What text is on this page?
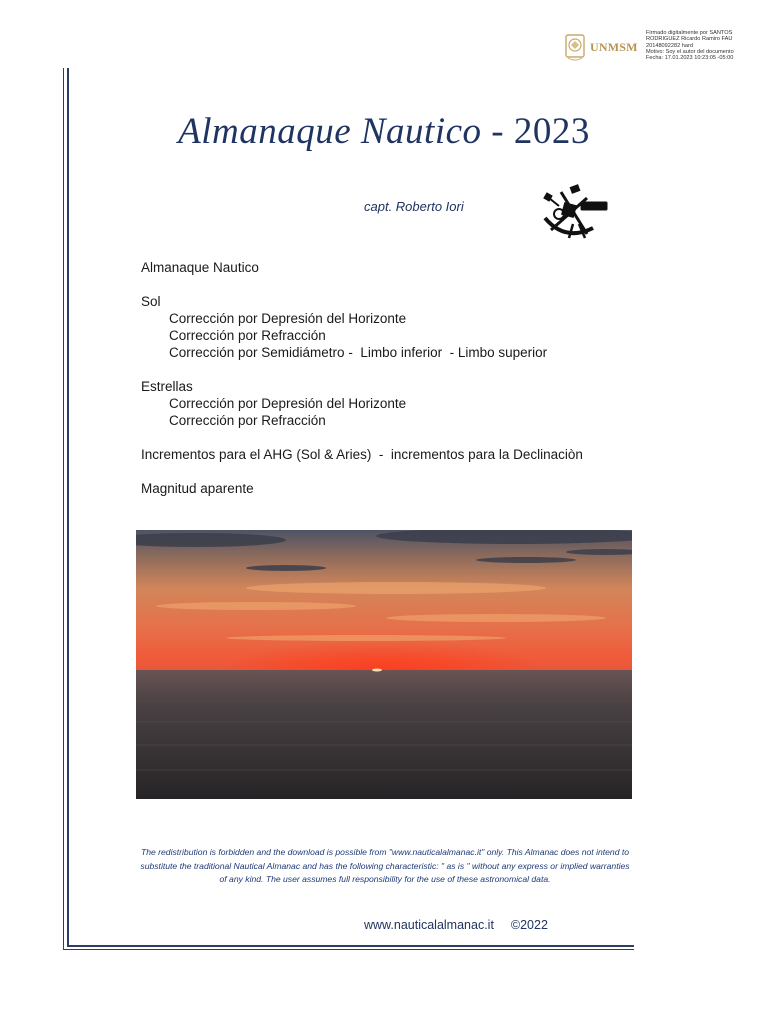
UNMSM
Firmado digitalmente por SANTOS
RODRIGUEZ Ricardo Ramiro FAU
20148092282 hard
Motivo: Soy el autor del documento
Fecha: 17.01.2023 10:23:05 -05:00
Almanaque Nautico - 2023
capt. Roberto Iori
Almanaque Nautico
Sol
Corrección por Depresión del Horizonte
Corrección por Refracción
Corrección por Semidiámetro -  Limbo inferior  - Limbo superior
Estrellas
Corrección por Depresión del Horizonte
Corrección por Refracción
Incrementos para el AHG (Sol & Aries)  -  incrementos para la Declinaciòn
Magnitud aparente
The redistribution is forbidden and the download is possible from "www.nauticalalmanac.it" only. This Almanac does not intend to substitute the traditional Nautical Almanac and has the following characteristic: " as is " without any express or implied warranties of any kind. The user assumes full responsibility for the use of these astronomical data.
www.nauticalalmanac.it ©2022
